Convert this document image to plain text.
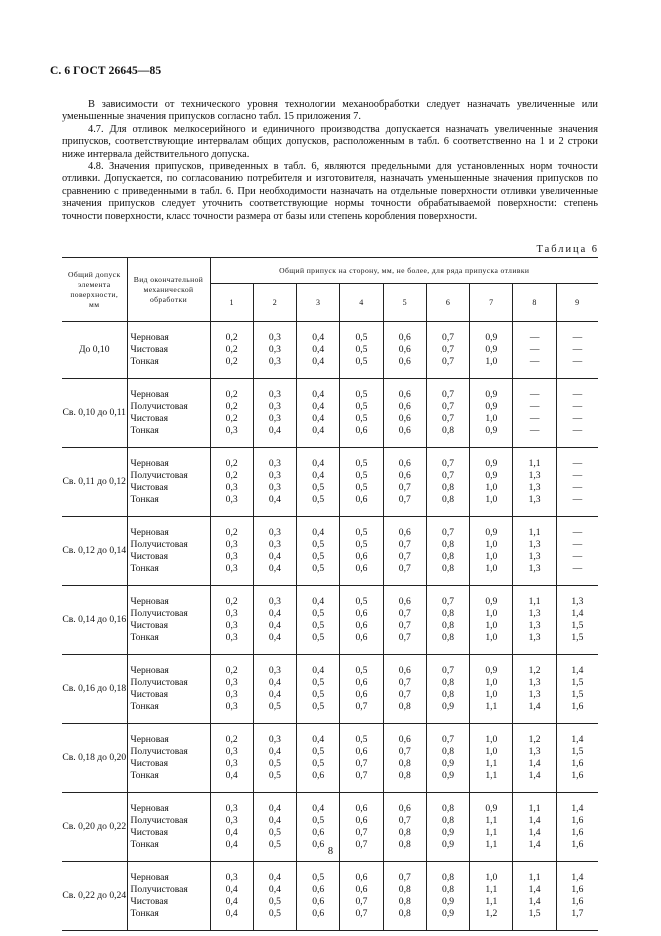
С. 6 ГОСТ 26645—85

В зависимости от технического уровня технологии механообработки следует назначать увеличенные или уменьшенные значения припусков согласно табл. 15 приложения 7.

4.7. Для отливок мелкосерийного и единичного производства допускается назначать увеличенные значения припусков, соответствующие интервалам общих допусков, расположенным в табл. 6 соответственно на 1 и 2 строки ниже интервала действительного допуска.

4.8. Значения припусков, приведенных в табл. 6, являются предельными для установленных норм точности отливки. Допускается, по согласованию потребителя и изготовителя, назначать уменьшенные значения припусков по сравнению с приведенными в табл. 6. При необходимости назначать на отдельные поверхности отливки увеличенные значения припусков следует уточнить соответствующие нормы точности обрабатываемой поверхности: степень точности поверхности, класс точности размера от базы или степень коробления поверхности.

Таблица 6
Общий допуск элемента поверхности, мм	Вид окончательной механической обработки	Общий припуск на сторону, мм, не более, для ряда припуска отливки								
		1	2	3	4	5	6	7	8	9

До 0,10	Черновая	0,2	0,3	0,4	0,5	0,6	0,7	0,9	—	—
	Чистовая	0,2	0,3	0,4	0,5	0,6	0,7	0,9	—	—
	Тонкая	0,2	0,3	0,4	0,5	0,6	0,7	1,0	—	—

Св. 0,10 до 0,11	Черновая	0,2	0,3	0,4	0,5	0,6	0,7	0,9	—	—
	Получистовая	0,2	0,3	0,4	0,5	0,6	0,7	0,9	—	—
	Чистовая	0,2	0,3	0,4	0,5	0,6	0,7	1,0	—	—
	Тонкая	0,3	0,4	0,4	0,6	0,6	0,8	0,9	—	—

Св. 0,11 до 0,12	Черновая	0,2	0,3	0,4	0,5	0,6	0,7	0,9	1,1	—
	Получистовая	0,2	0,3	0,4	0,5	0,6	0,7	0,9	1,3	—
	Чистовая	0,3	0,3	0,5	0,5	0,7	0,8	1,0	1,3	—
	Тонкая	0,3	0,4	0,5	0,6	0,7	0,8	1,0	1,3	—

Св. 0,12 до 0,14	Черновая	0,2	0,3	0,4	0,5	0,6	0,7	0,9	1,1	—
	Получистовая	0,3	0,3	0,5	0,5	0,7	0,8	1,0	1,3	—
	Чистовая	0,3	0,4	0,5	0,6	0,7	0,8	1,0	1,3	—
	Тонкая	0,3	0,4	0,5	0,6	0,7	0,8	1,0	1,3	—

Св. 0,14 до 0,16	Черновая	0,2	0,3	0,4	0,5	0,6	0,7	0,9	1,1	1,3
	Получистовая	0,3	0,4	0,5	0,6	0,7	0,8	1,0	1,3	1,4
	Чистовая	0,3	0,4	0,5	0,6	0,7	0,8	1,0	1,3	1,5
	Тонкая	0,3	0,4	0,5	0,6	0,7	0,8	1,0	1,3	1,5

Св. 0,16 до 0,18	Черновая	0,2	0,3	0,4	0,5	0,6	0,7	0,9	1,2	1,4
	Получистовая	0,3	0,4	0,5	0,6	0,7	0,8	1,0	1,3	1,5
	Чистовая	0,3	0,4	0,5	0,6	0,7	0,8	1,0	1,3	1,5
	Тонкая	0,3	0,5	0,5	0,7	0,8	0,9	1,1	1,4	1,6

Св. 0,18 до 0,20	Черновая	0,2	0,3	0,4	0,5	0,6	0,7	1,0	1,2	1,4
	Получистовая	0,3	0,4	0,5	0,6	0,7	0,8	1,0	1,3	1,5
	Чистовая	0,3	0,5	0,5	0,7	0,8	0,9	1,1	1,4	1,6
	Тонкая	0,4	0,5	0,6	0,7	0,8	0,9	1,1	1,4	1,6

Св. 0,20 до 0,22	Черновая	0,3	0,4	0,4	0,6	0,6	0,8	0,9	1,1	1,4
	Получистовая	0,3	0,4	0,5	0,6	0,7	0,8	1,1	1,4	1,6
	Чистовая	0,4	0,5	0,6	0,7	0,8	0,9	1,1	1,4	1,6
	Тонкая	0,4	0,5	0,6	0,7	0,8	0,9	1,1	1,4	1,6

Св. 0,22 до 0,24	Черновая	0,3	0,4	0,5	0,6	0,7	0,8	1,0	1,1	1,4
	Получистовая	0,4	0,4	0,6	0,6	0,8	0,8	1,1	1,4	1,6
	Чистовая	0,4	0,5	0,6	0,7	0,8	0,9	1,1	1,4	1,6
	Тонкая	0,4	0,5	0,6	0,7	0,8	0,9	1,2	1,5	1,7

8
